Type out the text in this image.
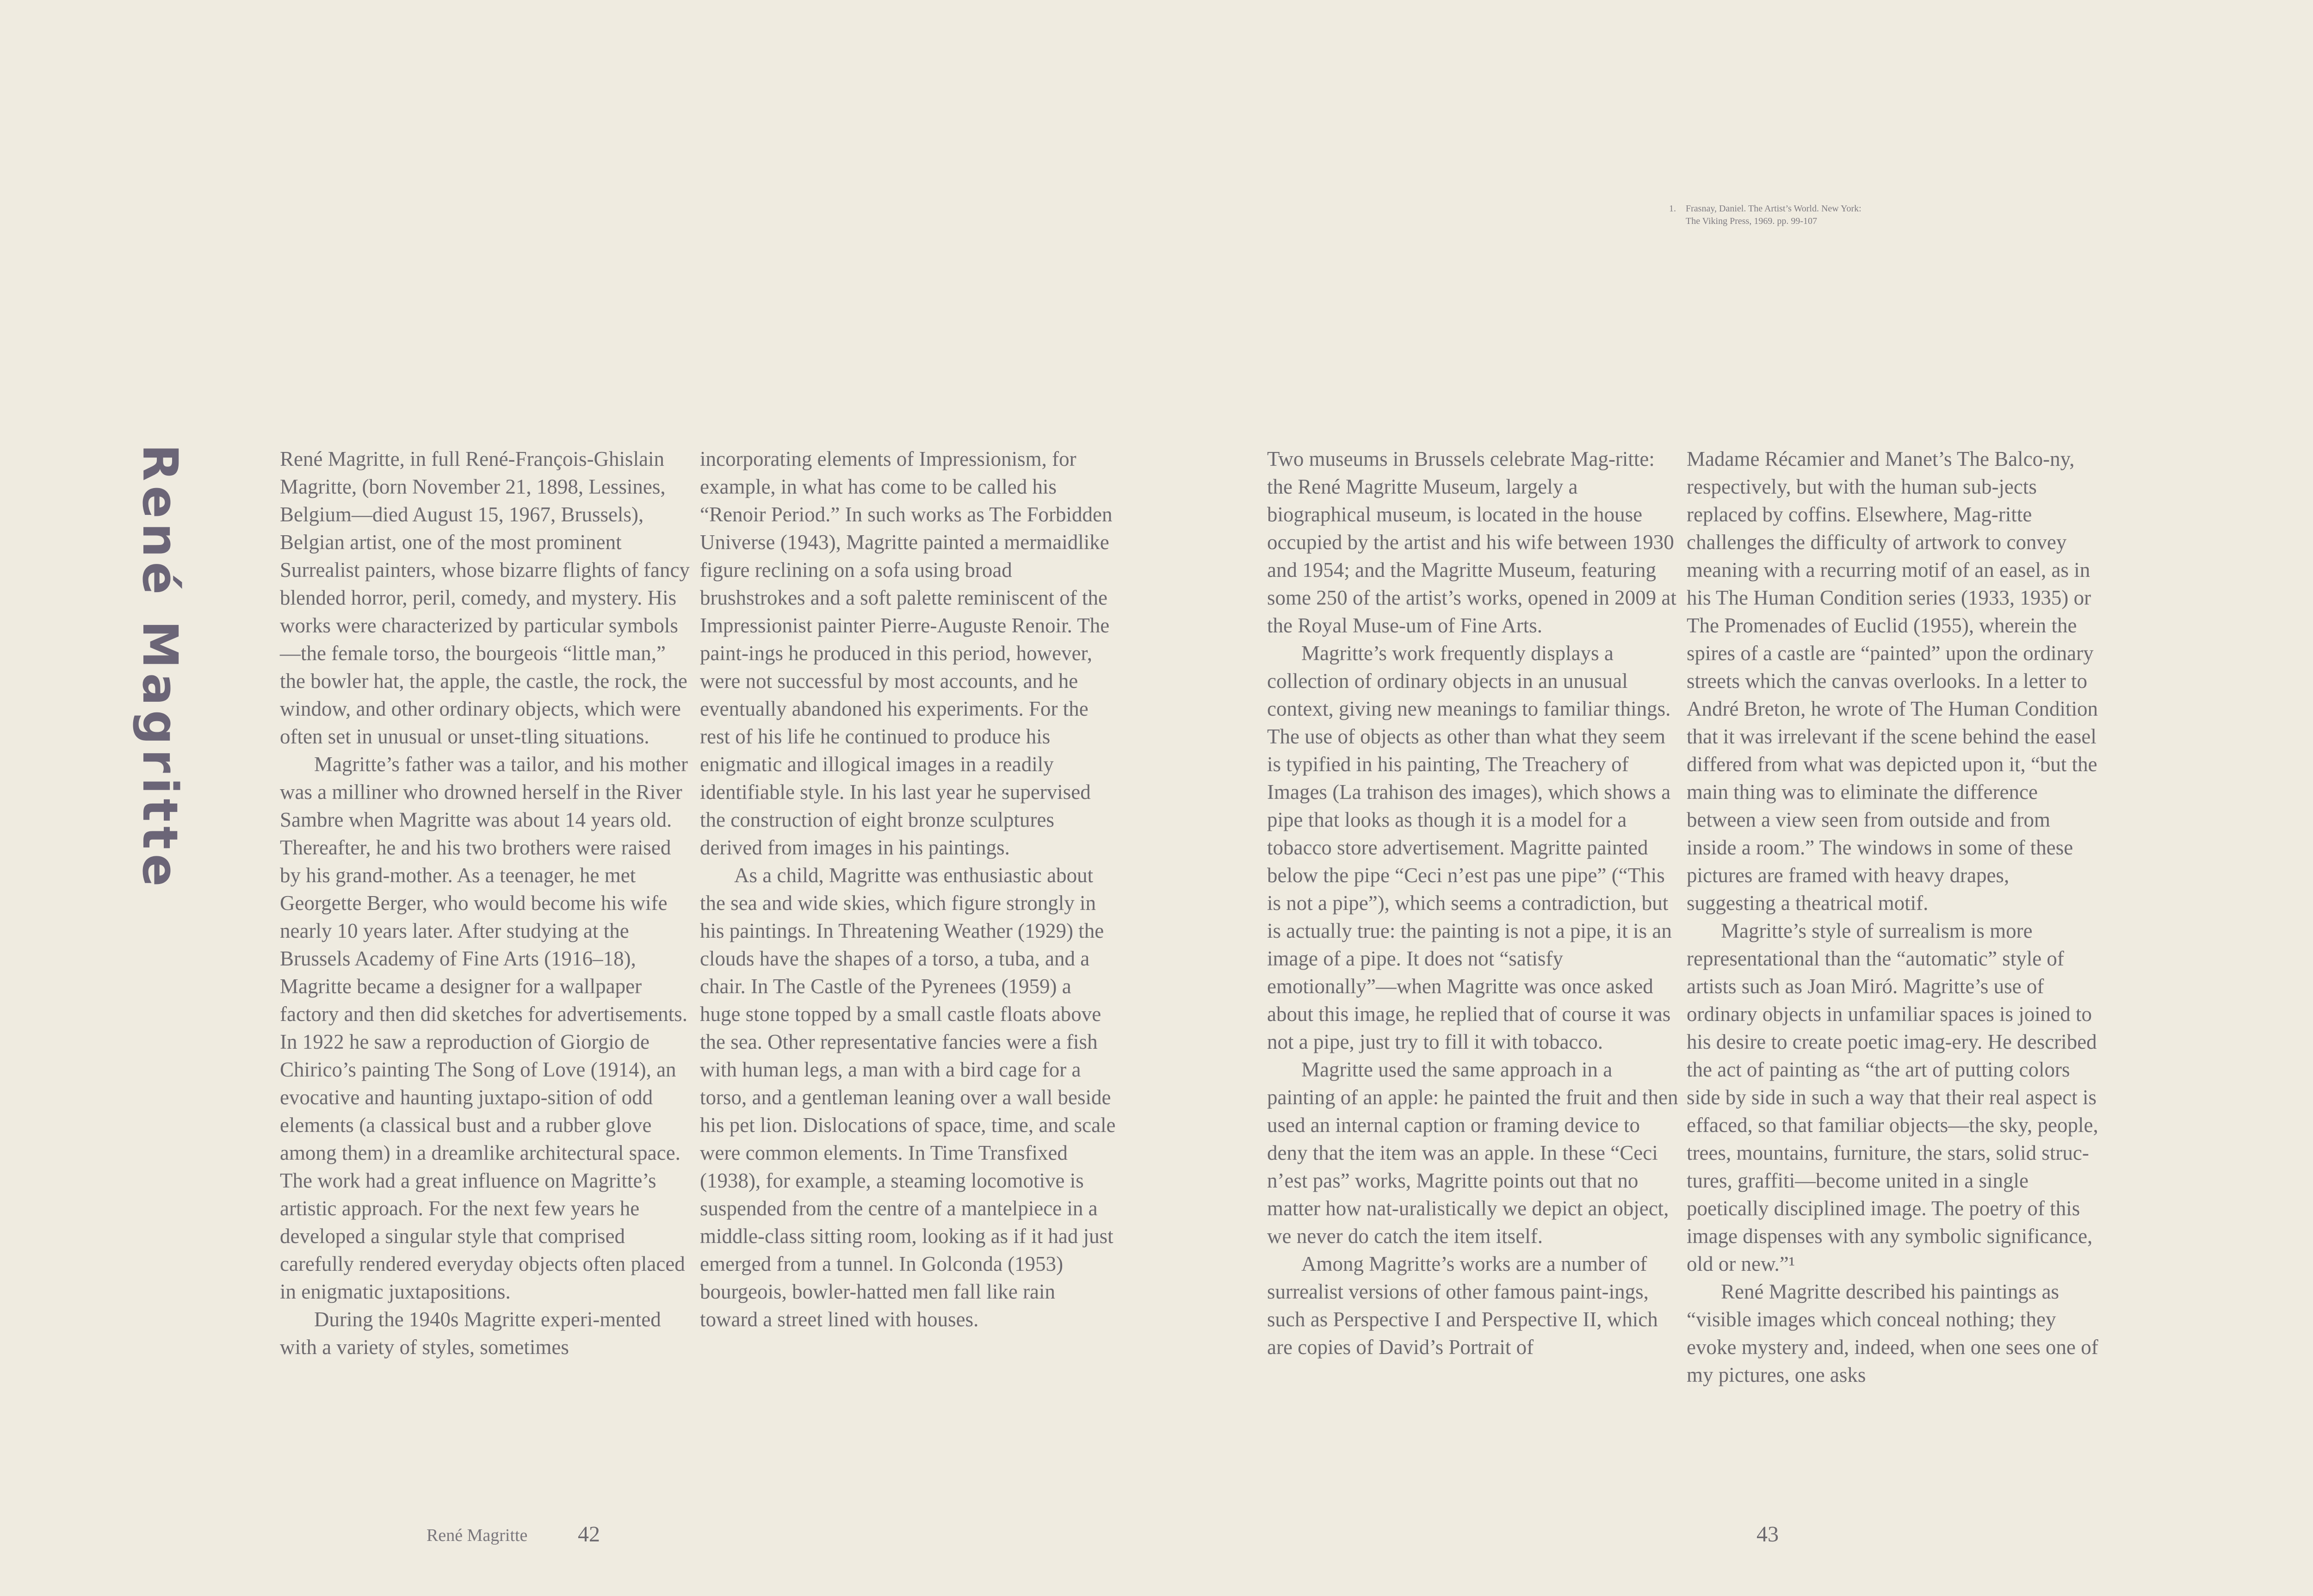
1. Frasnay, Daniel. The Artist’s World. New York:
The Viking Press, 1969. pp. 99-107
René Magritte	René Magritte, in full René-François-Ghislain Magritte, (born November 21, 1898, Lessines, Belgium—died August 15, 1967, Brussels), Belgian artist, one of the most prominent Surrealist painters, whose bizarre flights of fancy blended horror, peril, comedy, and mystery. His works were characterized by particular symbols—the female torso, the bourgeois “little man,” the bowler hat, the apple, the castle, the rock, the window, and other ordinary objects, which were often set in unusual or unset-tling situations.

Magritte’s father was a tailor, and his mother was a milliner who drowned herself in the River Sambre when Magritte was about 14 years old. Thereafter, he and his two brothers were raised by his grand-mother. As a teenager, he met Georgette Berger, who would become his wife nearly 10 years later. After studying at the Brussels Academy of Fine Arts (1916–18), Magritte became a designer for a wallpaper factory and then did sketches for advertisements. In 1922 he saw a reproduction of Giorgio de Chirico’s painting The Song of Love (1914), an evocative and haunting juxtapo-sition of odd elements (a classical bust and a rubber glove among them) in a dreamlike architectural space. The work had a great influence on Magritte’s artistic approach. For the next few years he developed a singular style that comprised carefully rendered everyday objects often placed in enigmatic juxtapositions.

During the 1940s Magritte experi-mented with a variety of styles, sometimes

incorporating elements of Impressionism, for example, in what has come to be called his “Renoir Period.” In such works as The Forbidden Universe (1943), Magritte painted a mermaidlike figure reclining on a sofa using broad brushstrokes and a soft palette reminiscent of the Impressionist painter Pierre-Auguste Renoir. The paint-ings he produced in this period, however, were not successful by most accounts, and he eventually abandoned his experiments. For the rest of his life he continued to produce his enigmatic and illogical images in a readily identifiable style. In his last year he supervised the construction of eight bronze sculptures derived from images in his paintings.

As a child, Magritte was enthusiastic about the sea and wide skies, which figure strongly in his paintings. In Threatening Weather (1929) the clouds have the shapes of a torso, a tuba, and a chair. In The Castle of the Pyrenees (1959) a huge stone topped by a small castle floats above the sea. Other representative fancies were a fish with human legs, a man with a bird cage for a torso, and a gentleman leaning over a wall beside his pet lion. Dislocations of space, time, and scale were common elements. In Time Transfixed (1938), for example, a steaming locomotive is suspended from the centre of a mantelpiece in a middle-class sitting room, looking as if it had just emerged from a tunnel. In Golconda (1953) bourgeois, bowler-hatted men fall like rain toward a street lined with houses.

Two museums in Brussels celebrate Mag-ritte: the René Magritte Museum, largely a biographical museum, is located in the house occupied by the artist and his wife between 1930 and 1954; and the Magritte Museum, featuring some 250 of the artist’s works, opened in 2009 at the Royal Muse-um of Fine Arts.

Magritte’s work frequently displays a collection of ordinary objects in an unusual context, giving new meanings to familiar things. The use of objects as other than what they seem is typified in his painting, The Treachery of Images (La trahison des images), which shows a pipe that looks as though it is a model for a tobacco store advertisement. Magritte painted below the pipe “Ceci n’est pas une pipe” (“This is not a pipe”), which seems a contradiction, but is actually true: the painting is not a pipe, it is an image of a pipe. It does not “satisfy emotionally”—when Magritte was once asked about this image, he replied that of course it was not a pipe, just try to fill it with tobacco.

Magritte used the same approach in a painting of an apple: he painted the fruit and then used an internal caption or framing device to deny that the item was an apple. In these “Ceci n’est pas” works, Magritte points out that no matter how nat-uralistically we depict an object, we never do catch the item itself.

Among Magritte’s works are a number of surrealist versions of other famous paint-ings, such as Perspective I and Perspective II, which are copies of David’s Portrait of

Madame Récamier and Manet’s The Balco-ny, respectively, but with the human sub-jects replaced by coffins. Elsewhere, Mag-ritte challenges the difficulty of artwork to convey meaning with a recurring motif of an easel, as in his The Human Condition series (1933, 1935) or The Promenades of Euclid (1955), wherein the spires of a castle are “painted” upon the ordinary streets which the canvas overlooks. In a letter to André Breton, he wrote of The Human Condition that it was irrelevant if the scene behind the easel differed from what was depicted upon it, “but the main thing was to eliminate the difference between a view seen from outside and from inside a room.” The windows in some of these pictures are framed with heavy drapes, suggesting a theatrical motif.

Magritte’s style of surrealism is more representational than the “automatic” style of artists such as Joan Miró. Magritte’s use of ordinary objects in unfamiliar spaces is joined to his desire to create poetic imag-ery. He described the act of painting as “the art of putting colors side by side in such a way that their real aspect is effaced, so that familiar objects—the sky, people, trees, mountains, furniture, the stars, solid struc-tures, graffiti—become united in a single poetically disciplined image. The poetry of this image dispenses with any symbolic significance, old or new.”¹

René Magritte described his paintings as “visible images which conceal nothing; they evoke mystery and, indeed, when one sees one of my pictures, one asks

René Magritte 42	43
